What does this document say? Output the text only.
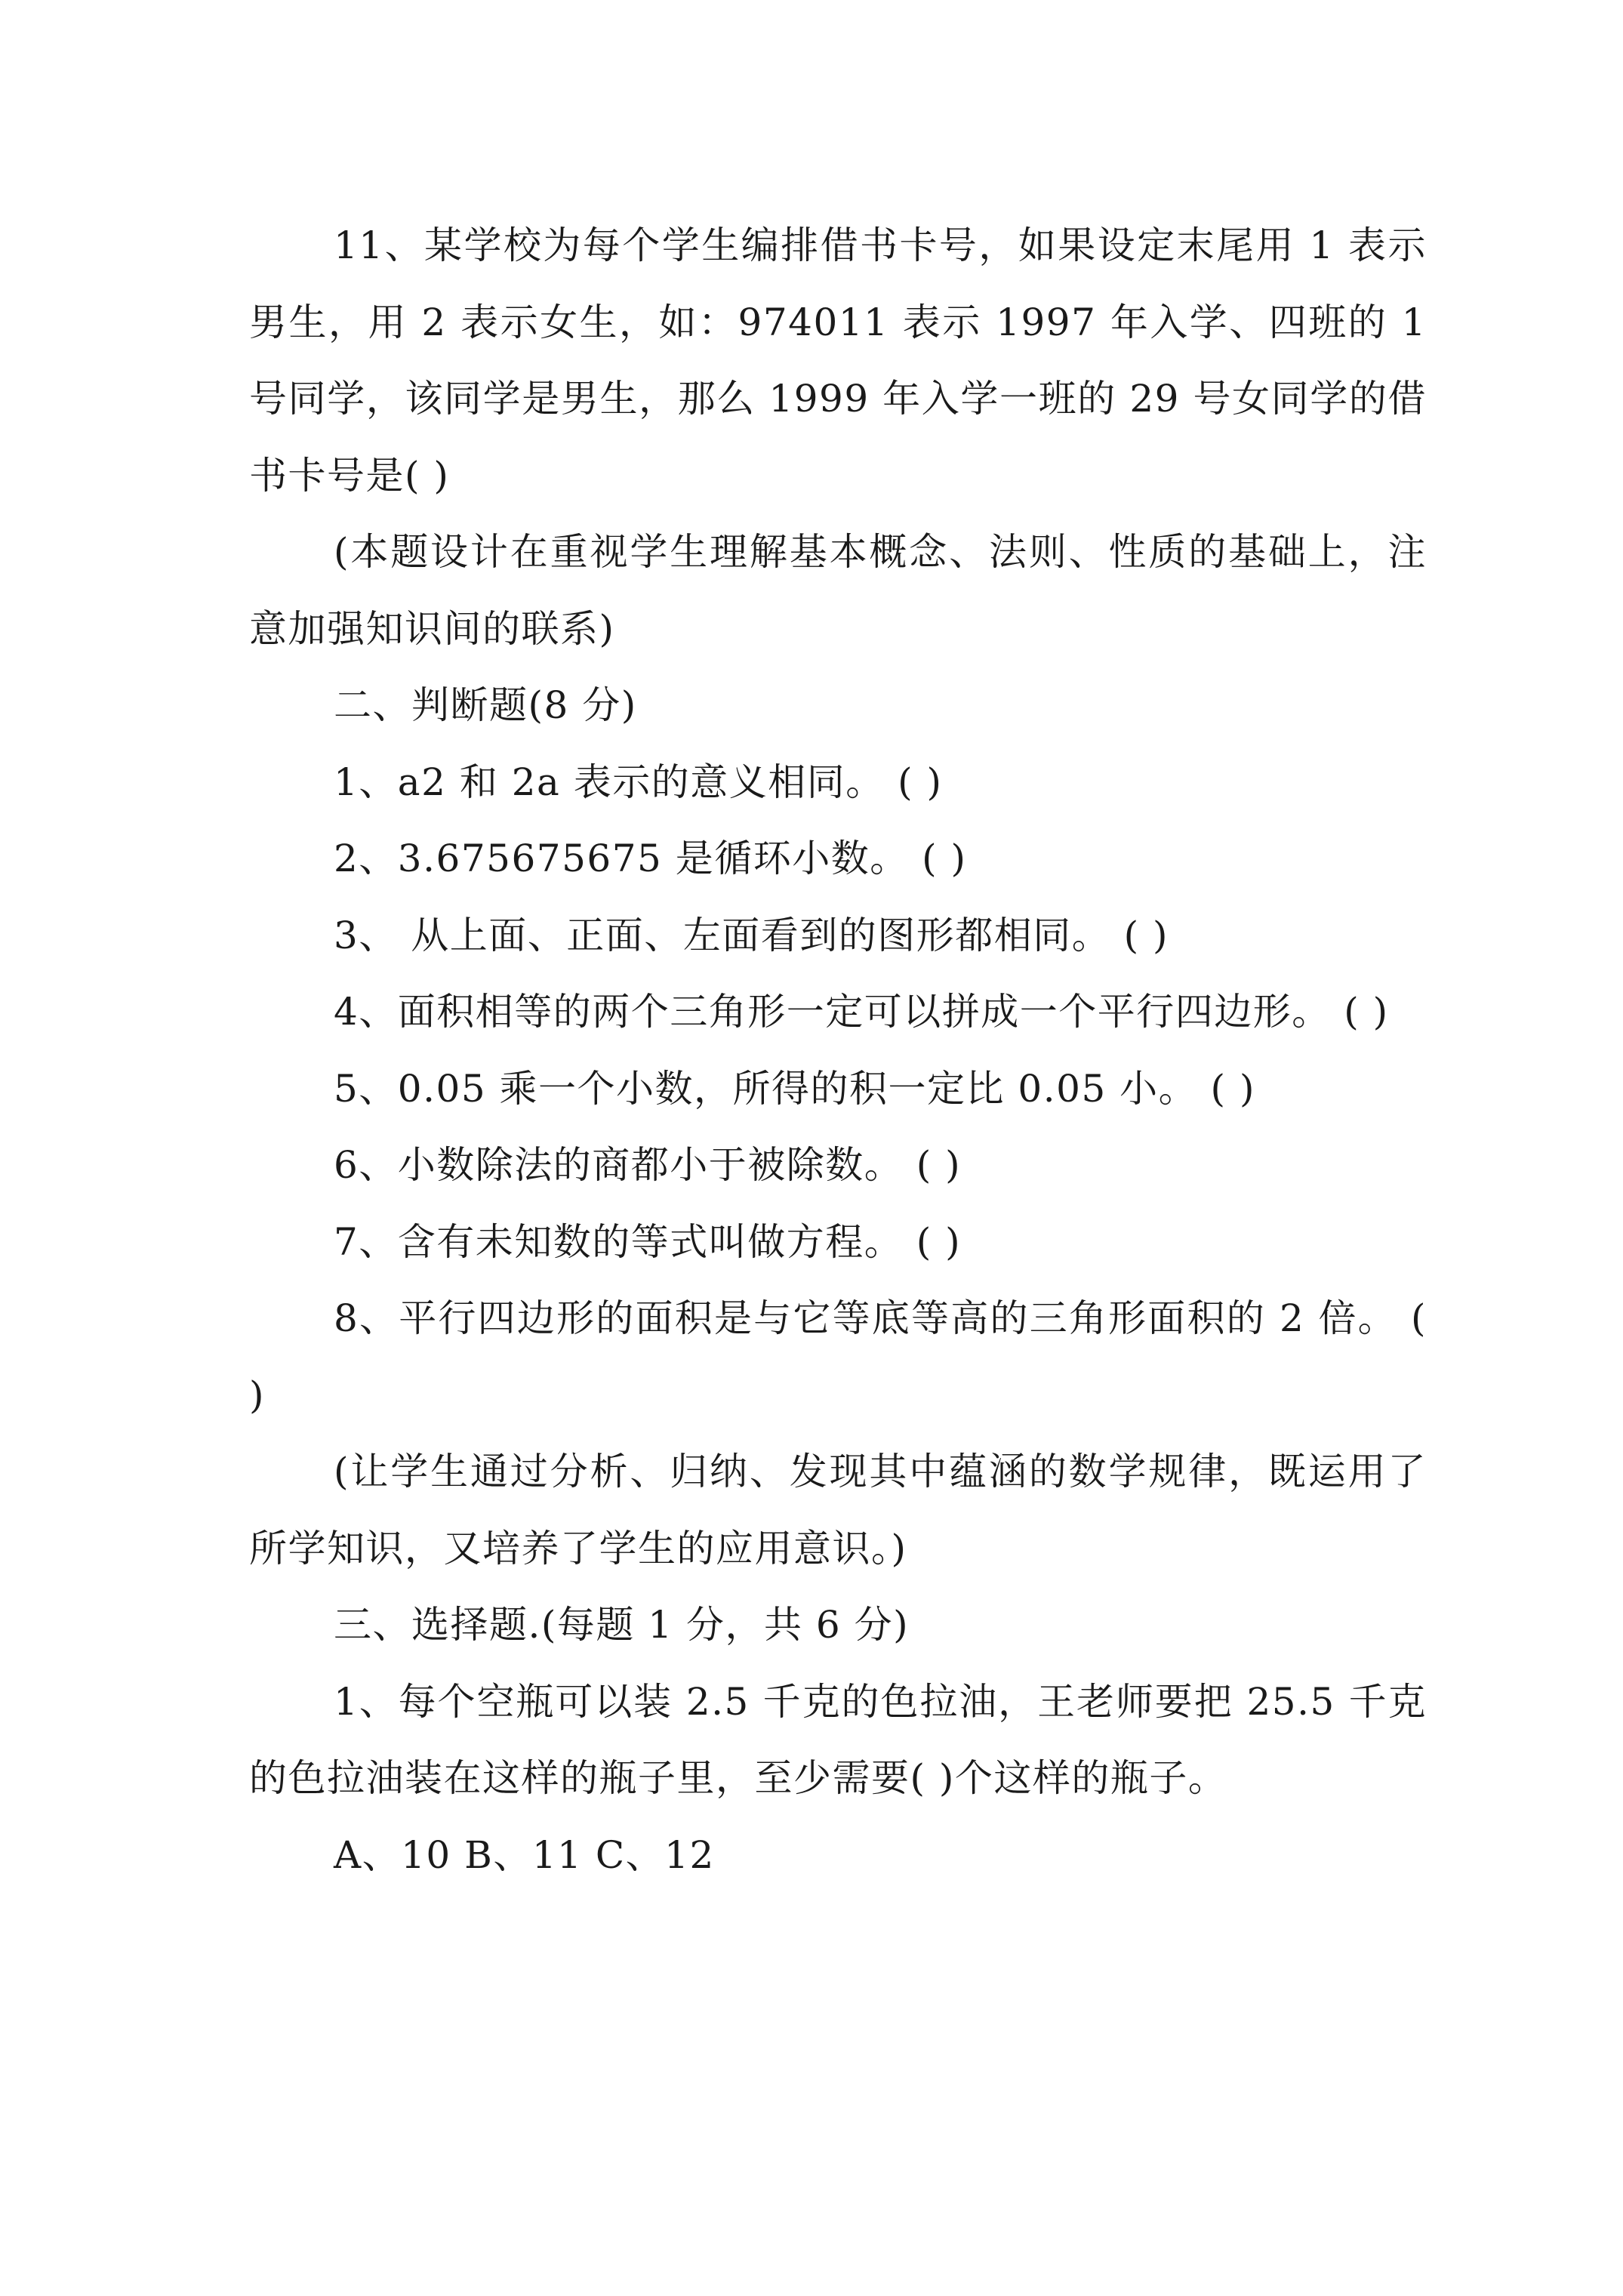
11、某学校为每个学生编排借书卡号，如果设定末尾用 1 表示男生，用 2 表示女生，如：974011 表示 1997 年入学、四班的 1 号同学，该同学是男生，那么 1999 年入学一班的 29 号女同学的借书卡号是( )

(本题设计在重视学生理解基本概念、法则、性质的基础上，注意加强知识间的联系)

二、判断题(8 分)

1、a2 和 2a 表示的意义相同。 ( )

2、3.675675675 是循环小数。 ( )

3、 从上面、正面、左面看到的图形都相同。 ( )

4、面积相等的两个三角形一定可以拼成一个平行四边形。 ( )

5、0.05 乘一个小数，所得的积一定比 0.05 小。 ( )

6、小数除法的商都小于被除数。 ( )

7、含有未知数的等式叫做方程。 ( )

8、平行四边形的面积是与它等底等高的三角形面积的 2 倍。 ( )

(让学生通过分析、归纳、发现其中蕴涵的数学规律，既运用了所学知识，又培养了学生的应用意识。)

三、选择题.(每题 1 分，共 6 分)

1、每个空瓶可以装 2.5 千克的色拉油，王老师要把 25.5 千克的色拉油装在这样的瓶子里，至少需要( )个这样的瓶子。

A、10 B、11 C、12
